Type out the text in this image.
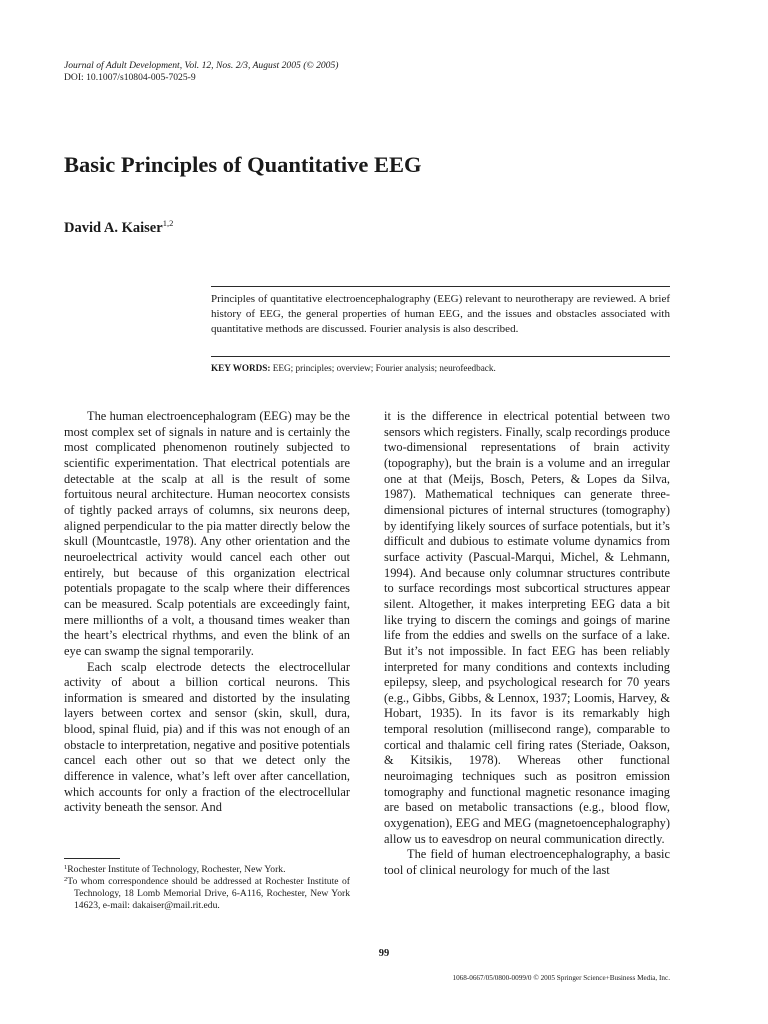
Journal of Adult Development, Vol. 12, Nos. 2/3, August 2005 (© 2005)
DOI: 10.1007/s10804-005-7025-9
Basic Principles of Quantitative EEG
David A. Kaiser$^{1,2}$

Principles of quantitative electroencephalography (EEG) relevant to neurotherapy are reviewed. A brief history of EEG, the general properties of human EEG, and the issues and obstacles associated with quantitative methods are discussed. Fourier analysis is also described.

KEY WORDS: EEG; principles; overview; Fourier analysis; neurofeedback.

The human electroencephalogram (EEG) may be the most complex set of signals in nature and is certainly the most complicated phenomenon routinely subjected to scientific experimentation. That electrical potentials are detectable at the scalp at all is the result of some fortuitous neural architecture. Human neocortex consists of tightly packed arrays of columns, six neurons deep, aligned perpendicular to the pia matter directly below the skull (Mountcastle, 1978). Any other orientation and the neuroelectrical activity would cancel each other out entirely, but because of this organization electrical potentials propagate to the scalp where their differences can be measured. Scalp potentials are exceedingly faint, mere millionths of a volt, a thousand times weaker than the heart’s electrical rhythms, and even the blink of an eye can swamp the signal temporarily.

Each scalp electrode detects the electrocellular activity of about a billion cortical neurons. This information is smeared and distorted by the insulating layers between cortex and sensor (skin, skull, dura, blood, spinal fluid, pia) and if this was not enough of an obstacle to interpretation, negative and positive potentials cancel each other out so that we detect only the difference in valence, what’s left over after cancellation, which accounts for only a fraction of the electrocellular activity beneath the sensor. And

it is the difference in electrical potential between two sensors which registers. Finally, scalp recordings produce two-dimensional representations of brain activity (topography), but the brain is a volume and an irregular one at that (Meijs, Bosch, Peters, & Lopes da Silva, 1987). Mathematical techniques can generate three-dimensional pictures of internal structures (tomography) by identifying likely sources of surface potentials, but it’s difficult and dubious to estimate volume dynamics from surface activity (Pascual-Marqui, Michel, & Lehmann, 1994). And because only columnar structures contribute to surface recordings most subcortical structures appear silent. Altogether, it makes interpreting EEG data a bit like trying to discern the comings and goings of marine life from the eddies and swells on the surface of a lake. But it’s not impossible. In fact EEG has been reliably interpreted for many conditions and contexts including epilepsy, sleep, and psychological research for 70 years (e.g., Gibbs, Gibbs, & Lennox, 1937; Loomis, Harvey, & Hobart, 1935). In its favor is its remarkably high temporal resolution (millisecond range), comparable to cortical and thalamic cell firing rates (Steriade, Oakson, & Kitsikis, 1978). Whereas other functional neuroimaging techniques such as positron emission tomography and functional magnetic resonance imaging are based on metabolic transactions (e.g., blood flow, oxygenation), EEG and MEG (magnetoencephalography) allow us to eavesdrop on neural communication directly.

The field of human electroencephalography, a basic tool of clinical neurology for much of the last

$^1$Rochester Institute of Technology, Rochester, New York.

$^2$To whom correspondence should be addressed at Rochester Institute of Technology, 18 Lomb Memorial Drive, 6-A116, Rochester, New York 14623, e-mail: dakaiser@mail.rit.edu.

99
1068-0667/05/0800-0099/0 © 2005 Springer Science+Business Media, Inc.
